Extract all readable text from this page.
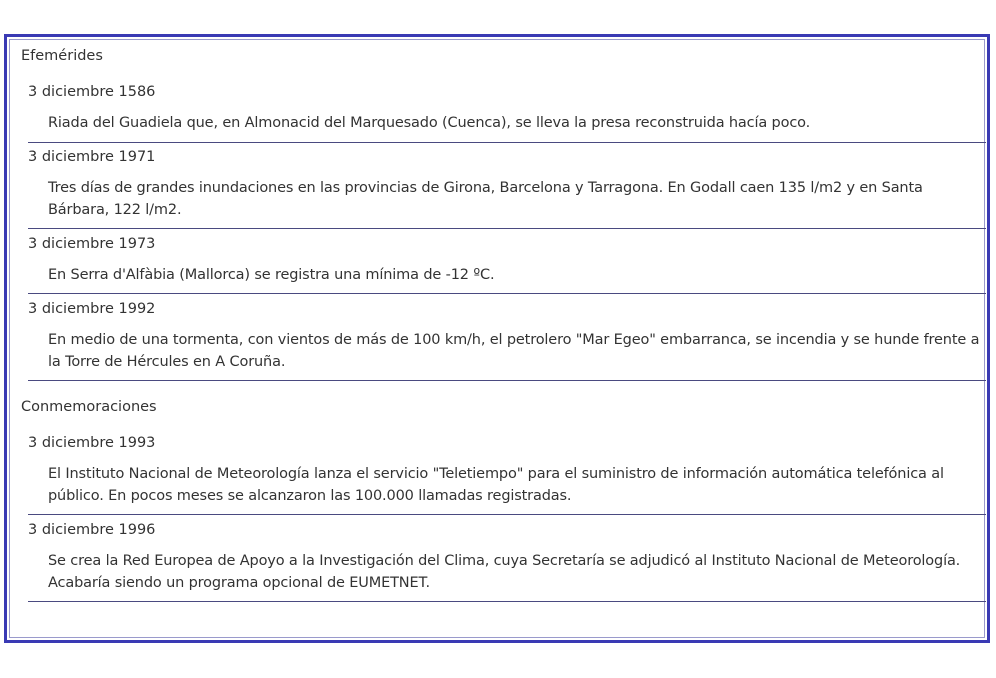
Efemérides
3 diciembre 1586
Riada del Guadiela que, en Almonacid del Marquesado (Cuenca), se lleva la presa reconstruida hacía poco.
3 diciembre 1971
Tres días de grandes inundaciones en las provincias de Girona, Barcelona y Tarragona. En Godall caen 135 l/m2 y en Santa Bárbara, 122 l/m2.
3 diciembre 1973
En Serra d'Alfàbia (Mallorca) se registra una mínima de -12 ºC.
3 diciembre 1992
En medio de una tormenta, con vientos de más de 100 km/h, el petrolero "Mar Egeo" embarranca, se incendia y se hunde frente a la Torre de Hércules en A Coruña.
Conmemoraciones
3 diciembre 1993
El Instituto Nacional de Meteorología lanza el servicio "Teletiempo" para el suministro de información automática telefónica al público. En pocos meses se alcanzaron las 100.000 llamadas registradas.
3 diciembre 1996
Se crea la Red Europea de Apoyo a la Investigación del Clima, cuya Secretaría se adjudicó al Instituto Nacional de Meteorología. Acabaría siendo un programa opcional de EUMETNET.
